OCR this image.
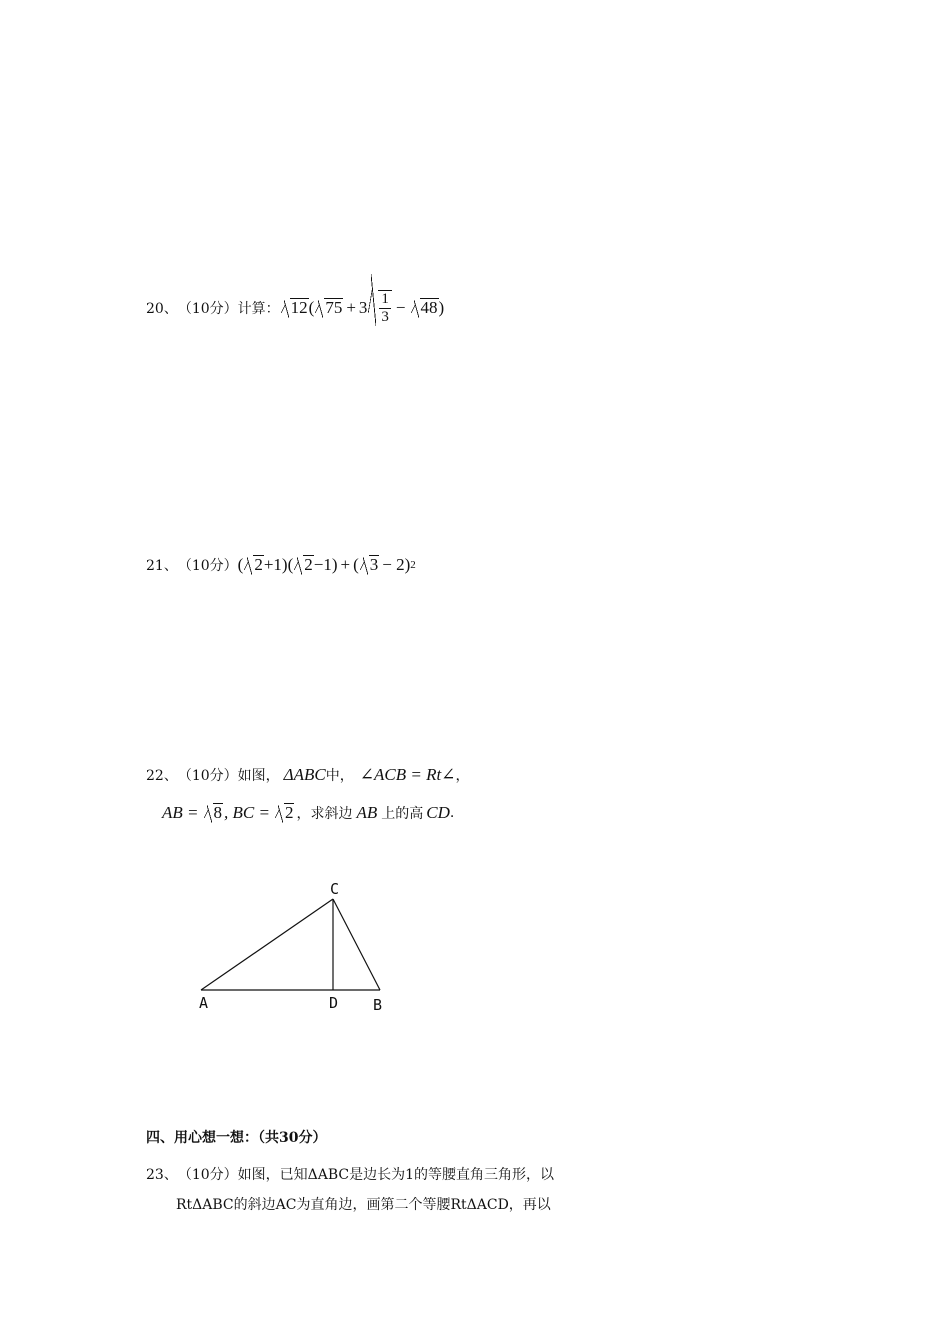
20、 （10分） 计算： 12 ( $75 + 3 \frac{1}{3} - 48$ )
21、 （10分） ( 2 +1 )( 2 −1 ) + ( 3 − 2 ) 2
22、 （10分） 如图， ΔABC 中， ∠ACB = Rt∠ ，
AB = 8 , BC = 2 ，求斜边 AB 上的高 CD .
C
A	D B
四、用心想一想：（共30分）
23、 （10分） 如图，已知ΔABC是边长为1的等腰直角三角形，以
RtΔABC的斜边AC为直角边，画第二个等腰RtΔACD，再以
